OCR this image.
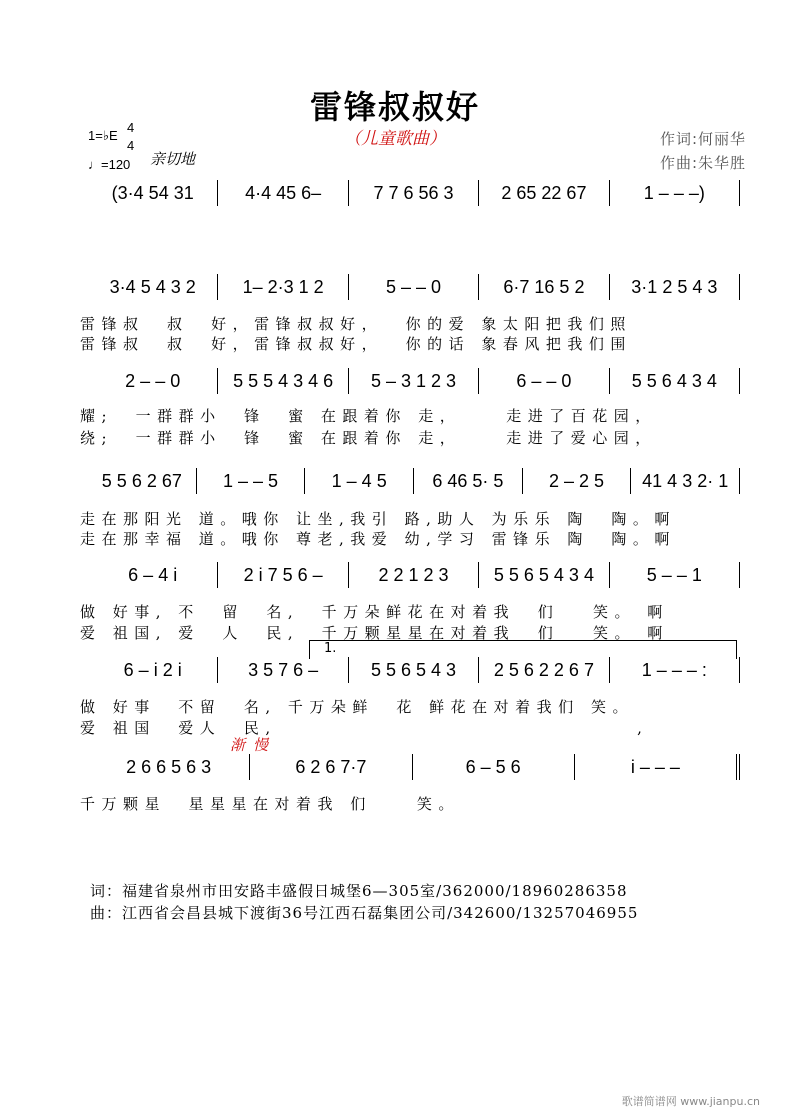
雷锋叔叔好
（儿童歌曲）	作词:何丽华
作曲:朱华胜
1=♭E
4
4
♩=120 亲切地
(3·4 54 31	4·4 45 6–	7 7 6 56 3	2 65 22 67	1 – – –)
3·4 5 4 3 2	1– 2·3 1 2	5 – – 0	6·7 16 5 2	3·1 2 5 4 3
2 – – 0	5 5 5 4 3 4 6 5 – 3 1 2 3	6 – – 0	5 5 6 4 3 4
5 5 6 2 67 1 – – 5	1 – 4 5	6 46 5· 5	2 – 2 5 41 4 3 2· 1
6 – 4 i	2 i 7 5 6 –	2 2 1 2 3	5 5 6 5 4 3 4	5 – – 1
6 – i 2 i	3 5 7 6 –	5 5 6 5 4 3 2 5 6 2 2 6 7	1 – – – :
2 6 6 5 6 3	6 2 6 7·7	6 – 5 6	i – – –
雷锋叔  叔  好，雷锋叔叔好，  你的爱 象太阳把我们照
雷锋叔  叔  好，雷锋叔叔好，  你的话 象春风把我们围
耀;  一群群小  锋  蜜 在跟着你 走，    走进了百花园，
绕;  一群群小  锋  蜜 在跟着你 走，    走进了爱心园，
走在那阳光 道。哦你 让坐,我引 路,助人 为乐乐 陶  陶。啊
走在那幸福 道。哦你 尊老,我爱 幼,学习 雷锋乐 陶  陶。啊
做 好事, 不  留  名,  千万朵鲜花在对着我  们   笑。 啊
爱 祖国, 爱  人  民,  千万颗星星在对着我  们   笑。 啊
做 好事  不留  名, 千万朵鲜  花 鲜花在对着我们 笑。
爱 祖国  爱人  民,                                ,
千万颗星  星星星在对着我 们    笑。
1.
渐慢
词：福建省泉州市田安路丰盛假日城堡6—305室/362000/18960286358
曲：江西省会昌县城下渡街36号江西石磊集团公司/342600/13257046955
歌谱简谱网 www.jianpu.cn
